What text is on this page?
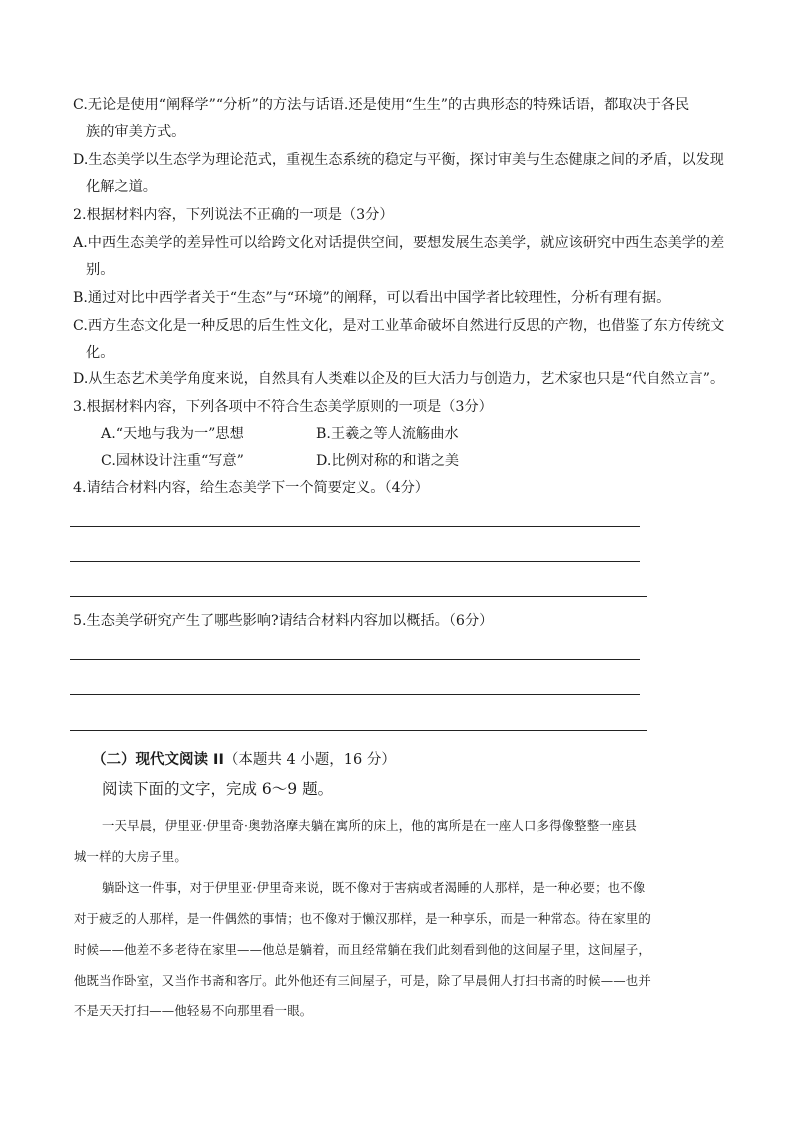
C.无论是使用“阐释学”“分析”的方法与话语.还是使用“生生”的古典形态的特殊话语，都取决于各民
族的审美方式。
D.生态美学以生态学为理论范式，重视生态系统的稳定与平衡，探讨审美与生态健康之间的矛盾，以发现
化解之道。
2.根据材料内容，下列说法不正确的一项是（3分）
A.中西生态美学的差异性可以给跨文化对话提供空间，要想发展生态美学，就应该研究中西生态美学的差
别。
B.通过对比中西学者关于“生态”与“环境”的阐释，可以看出中国学者比较理性，分析有理有据。
C.西方生态文化是一种反思的后生性文化，是对工业革命破坏自然进行反思的产物，也借鉴了东方传统文
化。
D.从生态艺术美学角度来说，自然具有人类难以企及的巨大活力与创造力，艺术家也只是“代自然立言”。
3.根据材料内容，下列各项中不符合生态美学原则的一项是（3分）
A.“天地与我为一”思想	B.王羲之等人流觞曲水
C.园林设计注重“写意”	D.比例对称的和谐之美
4.请结合材料内容，给生态美学下一个简要定义。（4分）
5.生态美学研究产生了哪些影响?请结合材料内容加以概括。（6分）
（二）现代文阅读 II（本题共 4 小题，16 分）
阅读下面的文字，完成 6～9 题。
一天早晨，伊里亚·伊里奇·奥勃洛摩夫躺在寓所的床上，他的寓所是在一座人口多得像整整一座县
城一样的大房子里。
躺卧这一件事，对于伊里亚·伊里奇来说，既不像对于害病或者渴睡的人那样，是一种必要；也不像
对于疲乏的人那样，是一件偶然的事情；也不像对于懒汉那样，是一种享乐，而是一种常态。待在家里的
时候——他差不多老待在家里——他总是躺着，而且经常躺在我们此刻看到他的这间屋子里，这间屋子，
他既当作卧室，又当作书斋和客厅。此外他还有三间屋子，可是，除了早晨佣人打扫书斋的时候——也并
不是天天打扫——他轻易不向那里看一眼。
